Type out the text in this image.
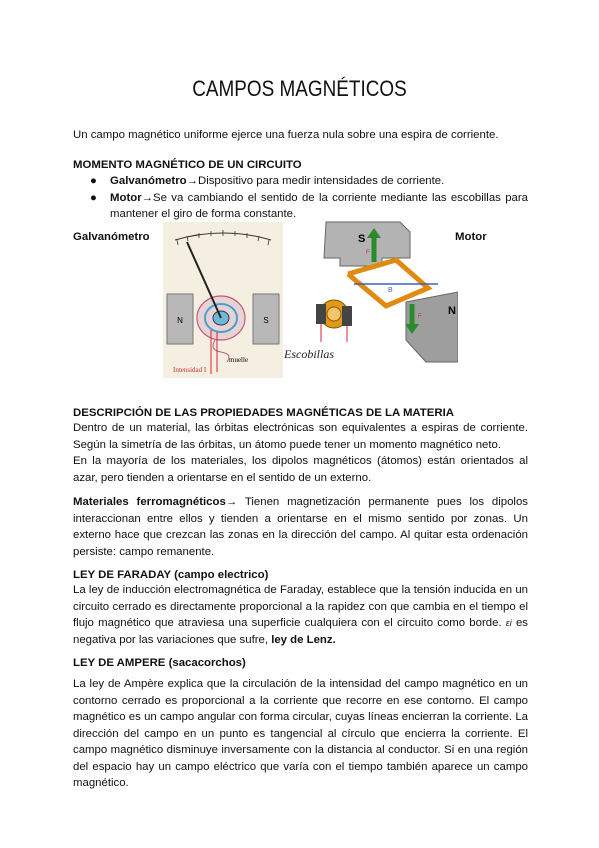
CAMPOS MAGNÉTICOS
Un campo magnético uniforme ejerce una fuerza nula sobre una espira de corriente.
MOMENTO MAGNÉTICO DE UN CIRCUITO
● Galvanómetro→Dispositivo para medir intensidades de corriente.
● Motor→Se va cambiando el sentido de la corriente mediante las escobillas para mantener el giro de forma constante.
Galvanómetro	Motor
N	S
muelle
Intensidad I
S
N
F
F
B
Escobillas
DESCRIPCIÓN DE LAS PROPIEDADES MAGNÉTICAS DE LA MATERIA
Dentro de un material, las órbitas electrónicas son equivalentes a espiras de corriente. Según la simetría de las órbitas, un átomo puede tener un momento magnético neto.
En la mayoría de los materiales, los dipolos magnéticos (átomos) están orientados al azar, pero tienden a orientarse en el sentido de un externo.
Materiales ferromagnéticos→ Tienen magnetización permanente pues los dipolos interaccionan entre ellos y tienden a orientarse en el mismo sentido por zonas. Un externo hace que crezcan las zonas en la dirección del campo. Al quitar esta ordenación persiste: campo remanente.
LEY DE FARADAY (campo electrico)
La ley de inducción electromagnética de Faraday, establece que la tensión inducida en un circuito cerrado es directamente proporcional a la rapidez con que cambia en el tiempo el flujo magnético que atraviesa una superficie cualquiera con el circuito como borde. εi es negativa por las variaciones que sufre, ley de Lenz.
LEY DE AMPERE (sacacorchos)
La ley de Ampère explica que la circulación de la intensidad del campo magnético en un contorno cerrado es proporcional a la corriente que recorre en ese contorno. El campo magnético es un campo angular con forma circular, cuyas líneas encierran la corriente. La dirección del campo en un punto es tangencial al círculo que encierra la corriente. El campo magnético disminuye inversamente con la distancia al conductor. Si en una región del espacio hay un campo eléctrico que varía con el tiempo también aparece un campo magnético.
